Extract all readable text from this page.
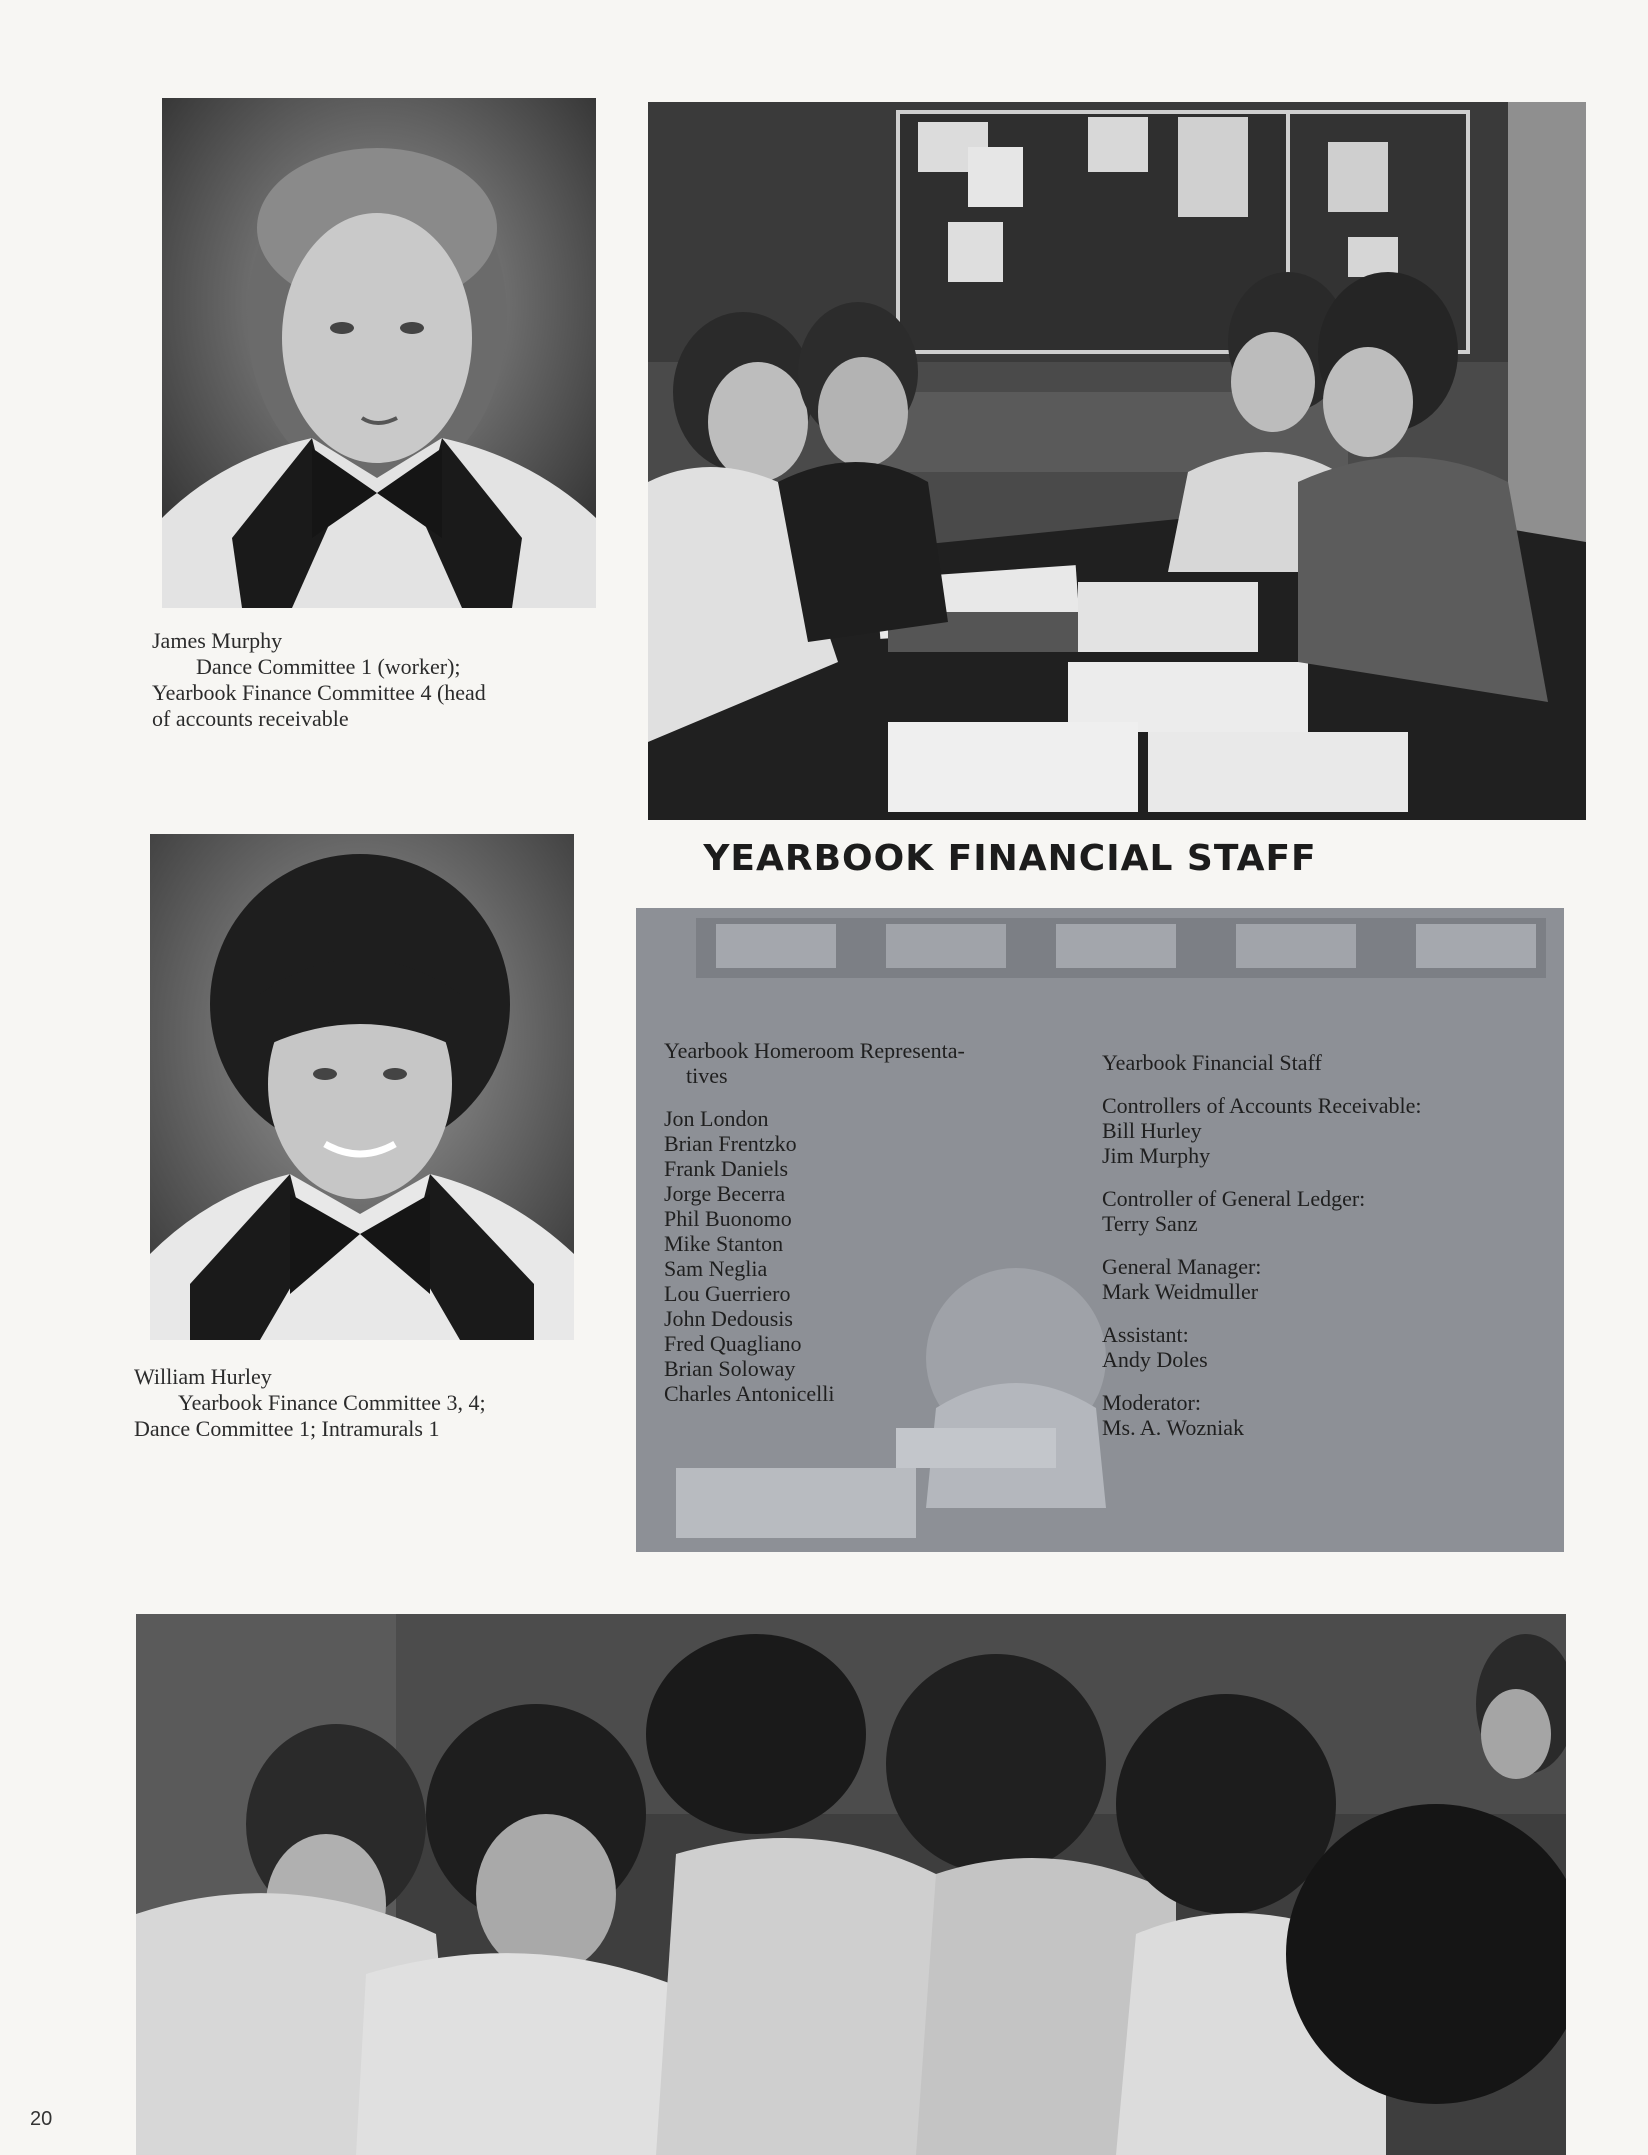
James Murphy
Dance Committee 1 (worker);
Yearbook Finance Committee 4 (head
of accounts receivable
William Hurley
Yearbook Finance Committee 3, 4;
Dance Committee 1; Intramurals 1
YEARBOOK FINANCIAL STAFF
Yearbook Homeroom Representa-
tives
Jon London
Brian Frentzko
Frank Daniels
Jorge Becerra
Phil Buonomo
Mike Stanton
Sam Neglia
Lou Guerriero
John Dedousis
Fred Quagliano
Brian Soloway
Charles Antonicelli
Yearbook Financial Staff
Controllers of Accounts Receivable:
Bill Hurley
Jim Murphy
Controller of General Ledger:
Terry Sanz
General Manager:
Mark Weidmuller
Assistant:
Andy Doles
Moderator:
Ms. A. Wozniak
20
